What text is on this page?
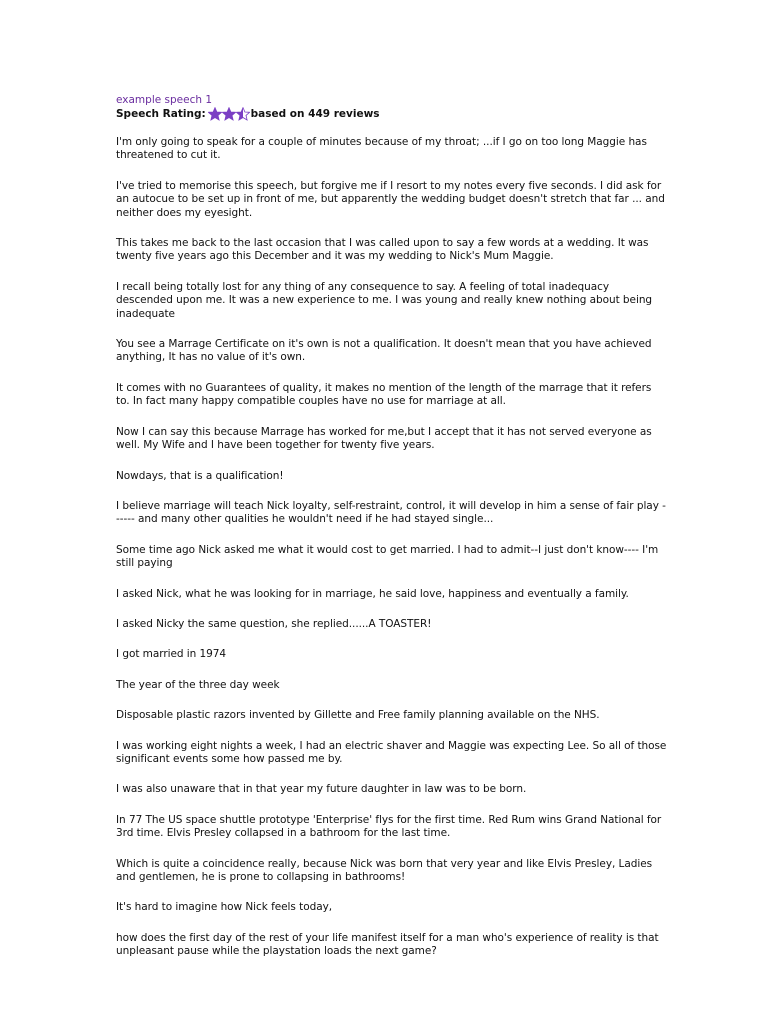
example speech 1
Speech Rating:	based on 449 reviews

I'm only going to speak for a couple of minutes because of my throat; ...if I go on too long Maggie has threatened to cut it.

I've tried to memorise this speech, but forgive me if I resort to my notes every five seconds. I did ask for an autocue to be set up in front of me, but apparently the wedding budget doesn't stretch that far ... and neither does my eyesight.

This takes me back to the last occasion that I was called upon to say a few words at a wedding. It was twenty five years ago this December and it was my wedding to Nick's Mum Maggie.

I recall being totally lost for any thing of any consequence to say. A feeling of total inadequacy descended upon me. It was a new experience to me. I was young and really knew nothing about being inadequate

You see a Marrage Certificate on it's own is not a qualification. It doesn't mean that you have achieved anything, It has no value of it's own.

It comes with no Guarantees of quality, it makes no mention of the length of the marrage that it refers to. In fact many happy compatible couples have no use for marriage at all.

Now I can say this because Marrage has worked for me,but I accept that it has not served everyone as well. My Wife and I have been together for twenty five years.

Nowdays, that is a qualification!

I believe marriage will teach Nick loyalty, self-restraint, control, it will develop in him a sense of fair play ------ and many other qualities he wouldn't need if he had stayed single...

Some time ago Nick asked me what it would cost to get married. I had to admit--I just don't know---- I'm still paying

I asked Nick, what he was looking for in marriage, he said love, happiness and eventually a family.

I asked Nicky the same question, she replied......A TOASTER!

I got married in 1974

The year of the three day week

Disposable plastic razors invented by Gillette and Free family planning available on the NHS.

I was working eight nights a week, I had an electric shaver and Maggie was expecting Lee. So all of those significant events some how passed me by.

I was also unaware that in that year my future daughter in law was to be born.

In 77 The US space shuttle prototype 'Enterprise' flys for the first time. Red Rum wins Grand National for 3rd time. Elvis Presley collapsed in a bathroom for the last time.

Which is quite a coincidence really, because Nick was born that very year and like Elvis Presley, Ladies and gentlemen, he is prone to collapsing in bathrooms!

It's hard to imagine how Nick feels today,

how does the first day of the rest of your life manifest itself for a man who's experience of reality is that unpleasant pause while the playstation loads the next game?
